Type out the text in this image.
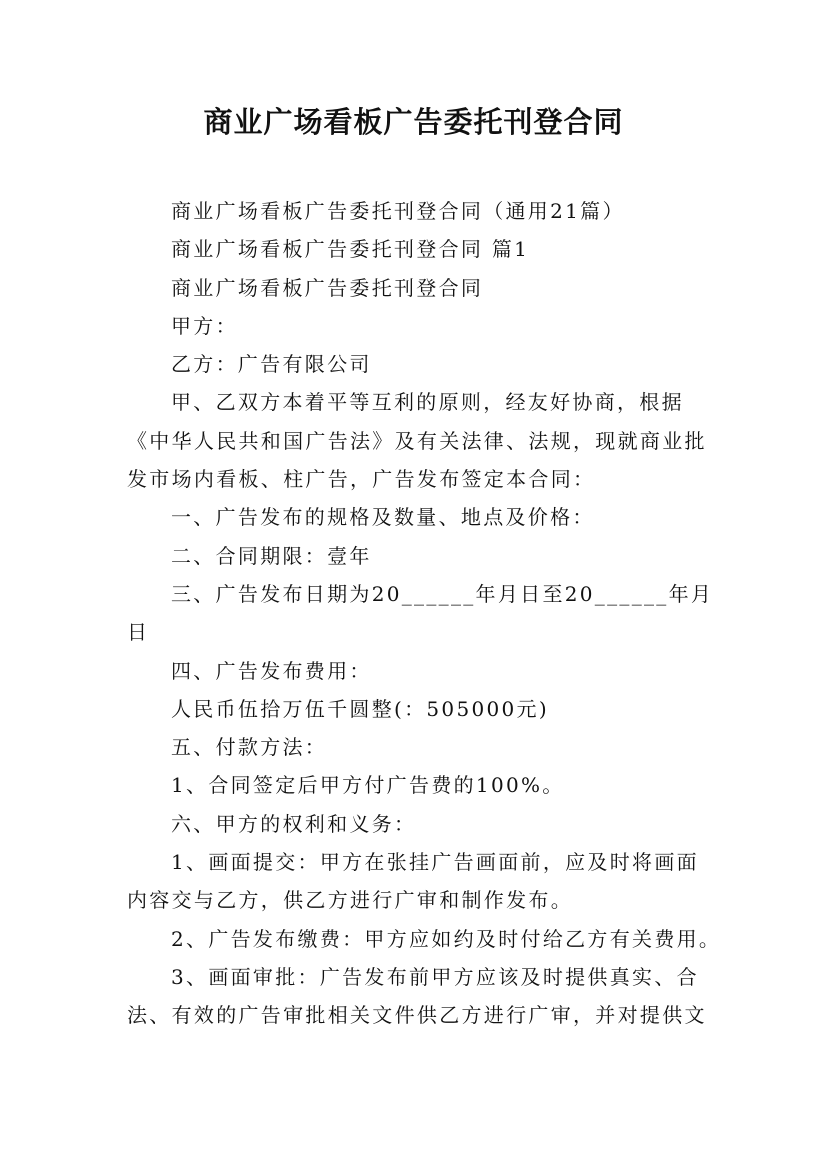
商业广场看板广告委托刊登合同

商业广场看板广告委托刊登合同（通用21篇）

商业广场看板广告委托刊登合同 篇1

商业广场看板广告委托刊登合同

甲方：

乙方：广告有限公司

甲、乙双方本着平等互利的原则，经友好协商，根据

《中华人民共和国广告法》及有关法律、法规，现就商业批

发市场内看板、柱广告，广告发布签定本合同：

一、广告发布的规格及数量、地点及价格：

二、合同期限：壹年

三、广告发布日期为20______年月日至20______年月

日

四、广告发布费用：

人民币伍拾万伍千圆整(：505000元)

五、付款方法：

1、合同签定后甲方付广告费的100%。

六、甲方的权利和义务：

1、画面提交：甲方在张挂广告画面前，应及时将画面

内容交与乙方，供乙方进行广审和制作发布。

2、广告发布缴费：甲方应如约及时付给乙方有关费用。

3、画面审批：广告发布前甲方应该及时提供真实、合

法、有效的广告审批相关文件供乙方进行广审，并对提供文
